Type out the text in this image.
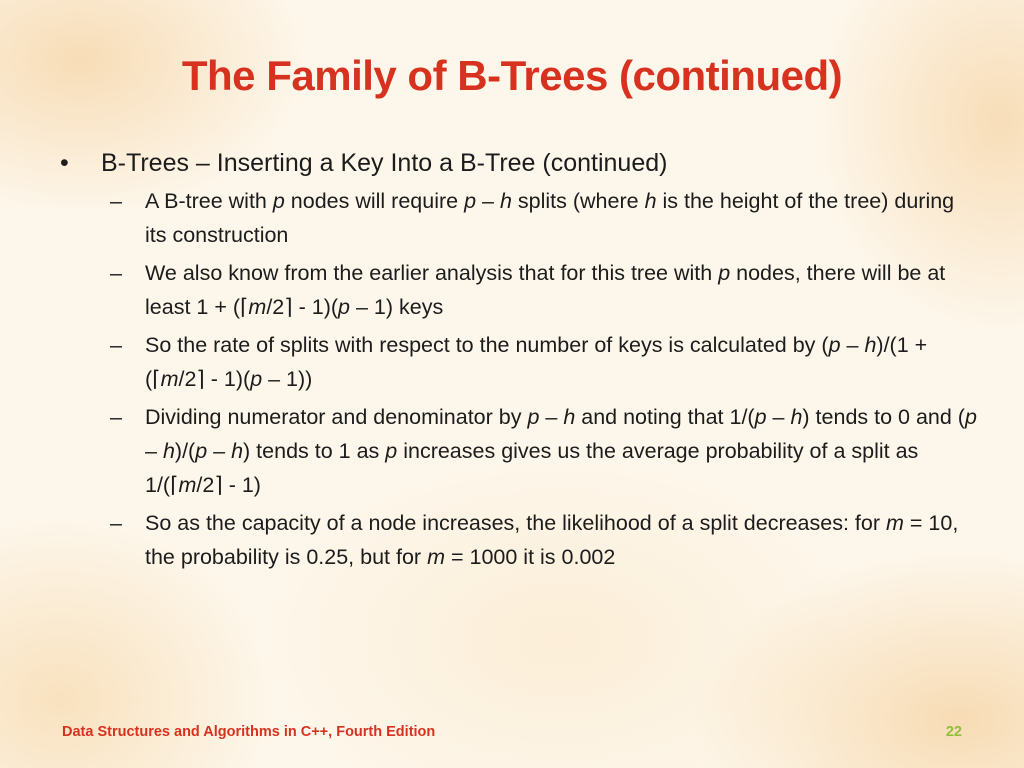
The Family of B-Trees (continued)
• B-Trees – Inserting a Key Into a B-Tree (continued)
– A B-tree with p nodes will require p – h splits (where h is the height of the tree) during its construction
– We also know from the earlier analysis that for this tree with p nodes, there will be at least 1 + (⌈m/2⌉ - 1)(p – 1) keys
– So the rate of splits with respect to the number of keys is calculated by (p – h)/(1 + (⌈m/2⌉ - 1)(p – 1))
– Dividing numerator and denominator by p – h and noting that 1/(p – h) tends to 0 and (p – h)/(p – h) tends to 1 as p increases gives us the average probability of a split as 1/(⌈m/2⌉ - 1)
– So as the capacity of a node increases, the likelihood of a split decreases: for m = 10, the probability is 0.25, but for m = 1000 it is 0.002
Data Structures and Algorithms in C++, Fourth Edition	22
